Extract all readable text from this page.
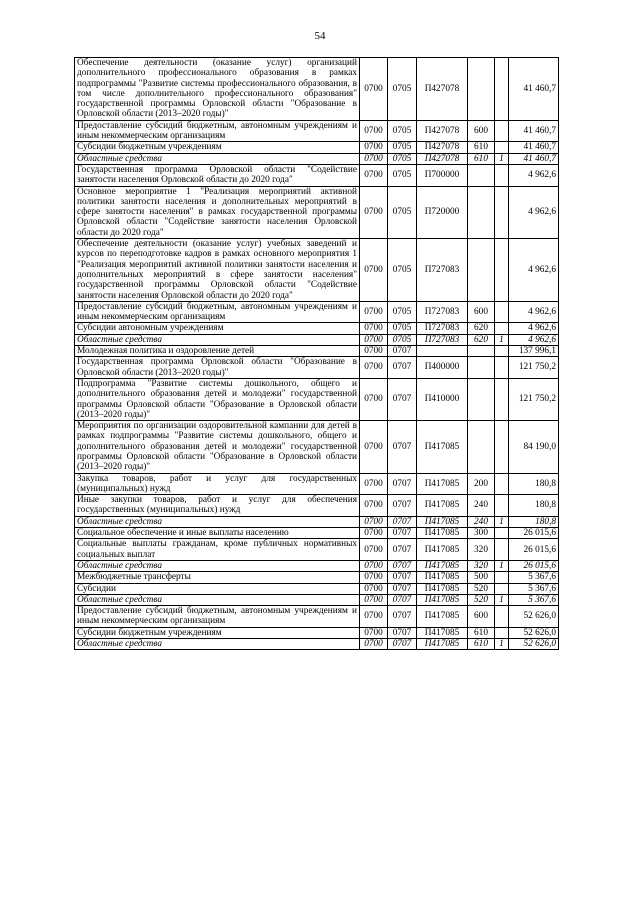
54
Обеспечение деятельности (оказание услуг) организаций дополнительного профессионального образования в рамках подпрограммы "Развитие системы профессионального образования, в том числе дополнительного профессионального образования" государственной программы Орловской области "Образование в Орловской области (2013–2020 годы)"	0700	0705	П427078			41 460,7
Предоставление субсидий бюджетным, автономным учреждениям и иным некоммерческим организациям	0700	0705	П427078	600		41 460,7
Субсидии бюджетным учреждениям	0700	0705	П427078	610		41 460,7
Областные средства	0700	0705	П427078	610	1	41 460,7
Государственная программа Орловской области "Содействие занятости населения Орловской области до 2020 года"	0700	0705	П700000			4 962,6
Основное мероприятие 1 "Реализация мероприятий активной политики занятости населения и дополнительных мероприятий в сфере занятости населения" в рамках государственной программы Орловской области "Содействие занятости населения Орловской области до 2020 года"	0700	0705	П720000			4 962,6
Обеспечение деятельности (оказание услуг) учебных заведений и курсов по переподготовке кадров в рамках основного мероприятия 1 "Реализация мероприятий активной политики занятости населения и дополнительных мероприятий в сфере занятости населения" государственной программы Орловской области "Содействие занятости населения Орловской области до 2020 года"	0700	0705	П727083			4 962,6
Предоставление субсидий бюджетным, автономным учреждениям и иным некоммерческим организациям	0700	0705	П727083	600		4 962,6
Субсидии автономным учреждениям	0700	0705	П727083	620		4 962,6
Областные средства	0700	0705	П727083	620	1	4 962,6
Молодежная политика и оздоровление детей	0700	0707				137 996,1
Государственная программа Орловской области "Образование в Орловской области (2013–2020 годы)"	0700	0707	П400000			121 750,2
Подпрограмма "Развитие системы дошкольного, общего и дополнительного образования детей и молодежи" государственной программы Орловской области "Образование в Орловской области (2013–2020 годы)"	0700	0707	П410000			121 750,2
Мероприятия по организации оздоровительной кампании для детей в рамках подпрограммы "Развитие системы дошкольного, общего и дополнительного образования детей и молодежи" государственной программы Орловской области "Образование в Орловской области (2013–2020 годы)"	0700	0707	П417085			84 190,0
Закупка товаров, работ и услуг для государственных (муниципальных) нужд	0700	0707	П417085	200		180,8
Иные закупки товаров, работ и услуг для обеспечения государственных (муниципальных) нужд	0700	0707	П417085	240		180,8
Областные средства	0700	0707	П417085	240	1	180,8
Социальное обеспечение и иные выплаты населению	0700	0707	П417085	300		26 015,6
Социальные выплаты гражданам, кроме публичных нормативных социальных выплат	0700	0707	П417085	320		26 015,6
Областные средства	0700	0707	П417085	320	1	26 015,6
Межбюджетные трансферты	0700	0707	П417085	500		5 367,6
Субсидии	0700	0707	П417085	520		5 367,6
Областные средства	0700	0707	П417085	520	1	5 367,6
Предоставление субсидий бюджетным, автономным учреждениям и иным некоммерческим организациям	0700	0707	П417085	600		52 626,0
Субсидии бюджетным учреждениям	0700	0707	П417085	610		52 626,0
Областные средства	0700	0707	П417085	610	1	52 626,0
